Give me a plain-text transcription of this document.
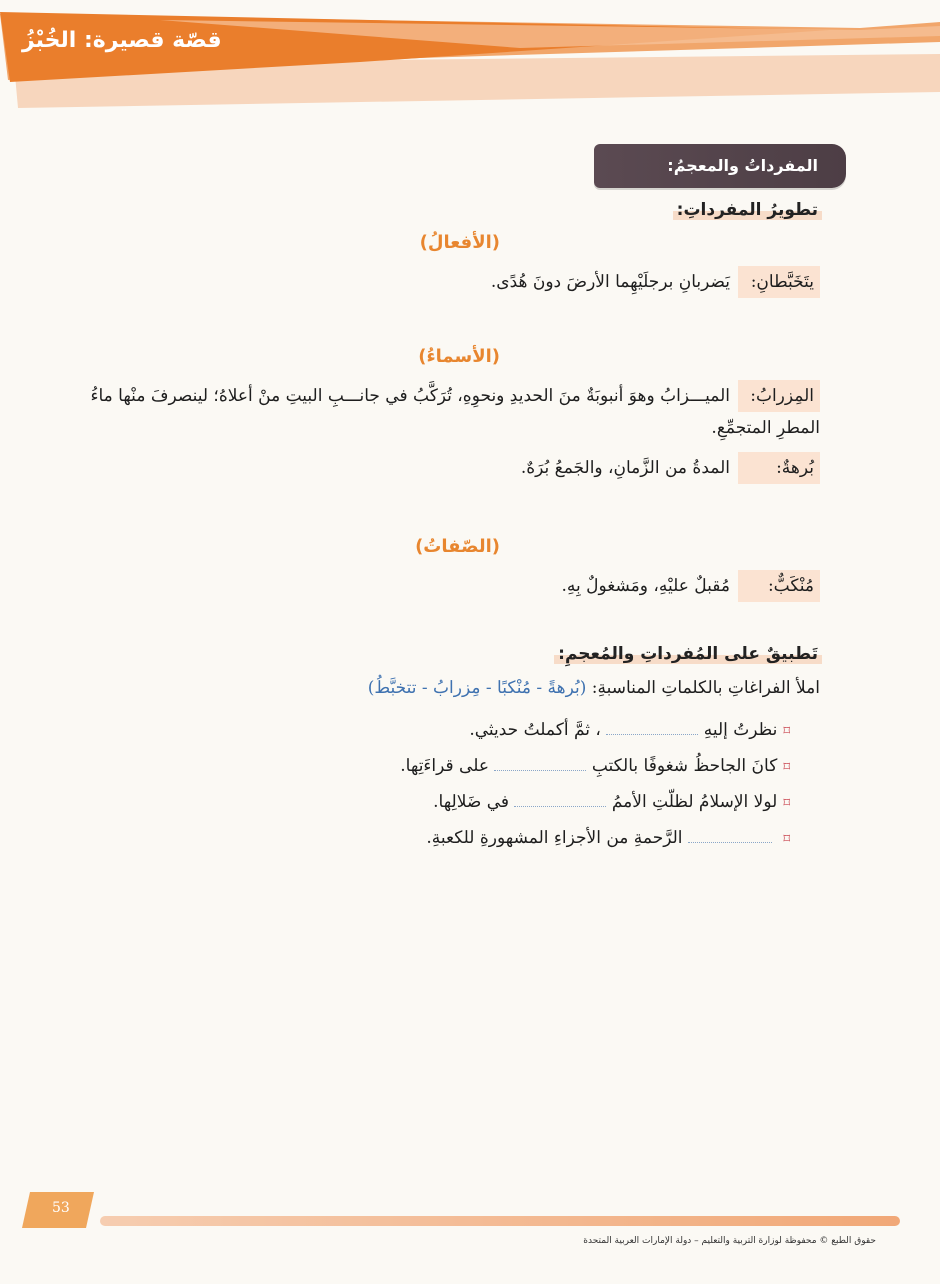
قصّة قصيرة: الخُبْزُ
المفرداتُ والمعجمُ:
تطويرُ المفرداتِ:
(الأفعالُ)
يتَخَبَّطانِ:يَضربانِ برجلَيْهِما الأرضَ دونَ هُدًى.
(الأسماءُ)
المِزرابُ:الميـــزابُ وهوَ أنبوبَةٌ منَ الحديدِ ونحوِهِ، تُرَكَّبُ في جانـــبِ البيتِ منْ أعلاهُ؛ لينصرفَ منْها ماءُ المطرِ المتجمِّعِ.
بُرهةٌ:المدةُ من الزَّمانِ، والجَمعُ بُرَهٌ.
(الصّفاتُ)
مُنْكَبٌّ:مُقبلٌ عليْهِ، ومَشغولٌ بِهِ.
تَطبيقٌ على المُفرداتِ والمُعجمِ:
املأ الفراغاتِ بالكلماتِ المناسبةِ: (بُرهةً - مُنْكبًا - مِزرابُ - تتخبَّطُ)
⌑نظرتُ إليهِ  ، ثمَّ أكملتُ حديثي.
⌑كانَ الجاحظُ شغوفًا بالكتبِ  على قراءَتِها.
⌑لولا الإسلامُ لظلّتِ الأممُ  في ضَلالِها.
⌑  الرَّحمةِ من الأجزاءِ المشهورةِ للكعبةِ.
53

حقوق الطبع © محفوظة لوزارة التربية والتعليم – دولة الإمارات العربية المتحدة
